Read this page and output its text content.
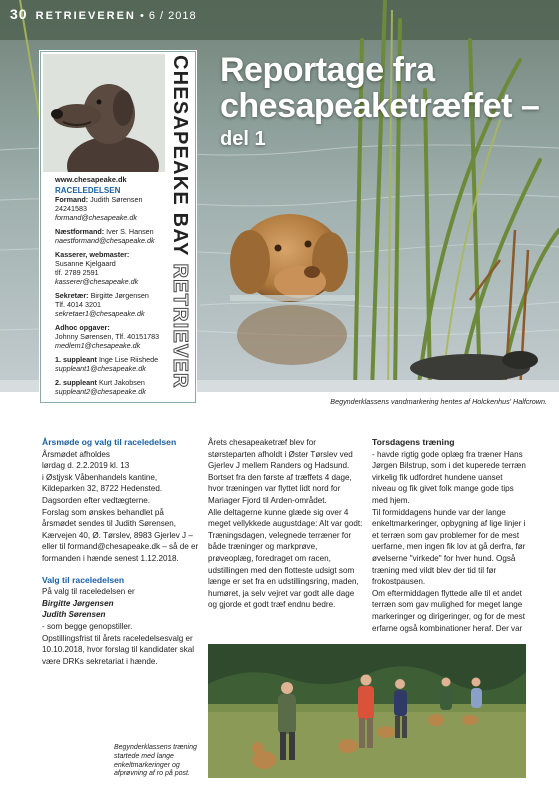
30 RETRIEVEREN • 6 / 2018
Reportage fra
chesapeaketræffet –
del 1
CHESAPEAKE BAY RETRIEVER
www.chesapeake.dk
RACELEDELSEN
Formand: Judith Sørensen
24241583
formand@chesapeake.dk
Næstformand: Iver S. Hansen
naestformand@chesapeake.dk
Kasserer, webmaster:
Susanne Kjelgaard
tlf. 2789 2591
kasserer@chesapeake.dk
Sekretær: Birgitte Jørgensen
Tlf. 4014 3201
sekretaer1@chesapeake.dk
Adhoc opgaver:
Johnny Sørensen, Tlf. 40151783
medlem1@chesapeake.dk
1. suppleant Inge Lise Riishede
suppleant1@chesapeake.dk
2. suppleant Kurt Jakobsen
suppleant2@chesapeake.dk
Begynderklassens vandmarkering hentes af Holckenhus' Halfcrown.

Årsmøde og valg til raceledelsen

Årsmødet afholdes
lørdag d. 2.2.2019 kl. 13
i Østjysk Våbenhandels kantine,
Kildeparken 32, 8722 Hedensted.
Dagsorden efter vedtægterne.
Forslag som ønskes behandlet på årsmødet sendes til Judith Sørensen, Kærvejen 40, Ø. Tørslev, 8983 Gjerlev J – eller til formand@chesapeake.dk – så de er formanden i hænde senest 1.12.2018.

Valg til raceledelsen

På valg til raceledelsen er

Birgitte Jørgensen

Judith Sørensen

- som begge genopstiller.
Opstillingsfrist til årets raceledelsesvalg er 10.10.2018, hvor forslag til kandidater skal være DRKs sekretariat i hænde.

Årets chesapeaketræf blev for størsteparten afholdt i Øster Tørslev ved Gjerlev J mellem Randers og Hadsund.

Bortset fra den første af træffets 4 dage, hvor træningen var flyttet lidt nord for Mariager Fjord til Arden-området.

Alle deltagerne kunne glæde sig over 4 meget vellykkede augustdage: Alt var godt: Træningsdagen, velegnede terræner for både træninger og markprøve, prøveoplæg, foredraget om racen, udstillingen med den flotteste udsigt som længe er set fra en udstillingsring, maden, humøret, ja selv vejret var godt alle dage og gjorde et godt træf endnu bedre.

Torsdagens træning

- havde rigtig gode oplæg fra træner Hans Jørgen Bilstrup, som i det kuperede terræn virkelig fik udfordret hundene uanset niveau og fik givet folk mange gode tips med hjem.

Til formiddagens hunde var der lange enkeltmarkeringer, opbygning af lige linjer i et terræn som gav problemer for de mest uerfarne, men ingen fik lov at gå derfra, før øvelserne "virkede" for hver hund. Også træning med vildt blev der tid til før frokostpausen.

Om eftermiddagen flyttede alle til et andet terræn som gav mulighed for meget lange markeringer og dirigeringer, og for de mest erfarne også kombinationer heraf. Der var

Begynderklassens træning startede med lange enkeltmarkeringer og afprøvning af ro på post.
